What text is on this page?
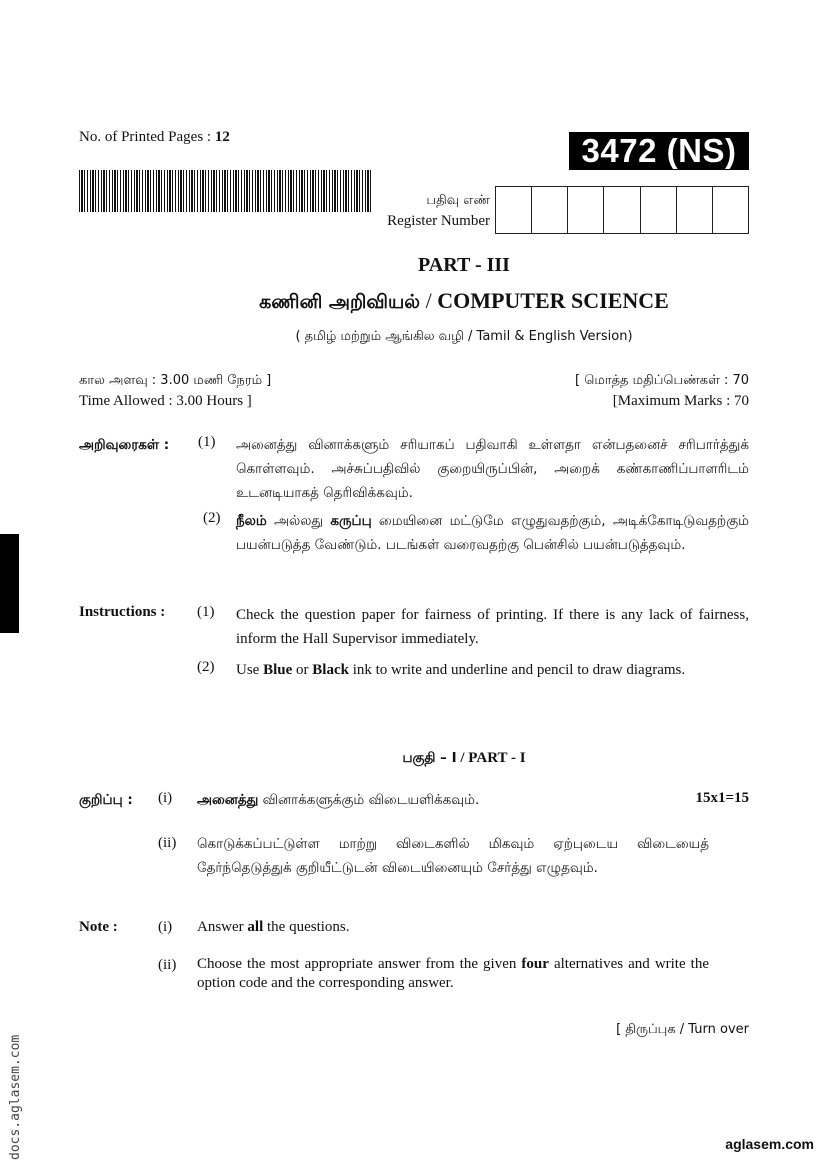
docs.aglasem.com
No. of Printed Pages : 12	3472 (NS)
பதிவு எண்
Register Number
PART - III
கணினி அறிவியல் / COMPUTER SCIENCE
( தமிழ் மற்றும் ஆங்கில வழி / Tamil & English Version)
கால அளவு : 3.00 மணி நேரம் ]	[ மொத்த மதிப்பெண்கள் : 70
Time Allowed : 3.00 Hours ]	[Maximum Marks : 70
அறிவுரைகள் : (1) அனைத்து வினாக்களும் சரியாகப் பதிவாகி உள்ளதா என்பதனைச் சரிபார்த்துக் கொள்ளவும். அச்சுப்பதிவில் குறையிருப்பின், அறைக் கண்காணிப்பாளரிடம் உடனடியாகத் தெரிவிக்கவும்.
(2) நீலம் அல்லது கருப்பு மையினை மட்டுமே எழுதுவதற்கும், அடிக்கோடிடுவதற்கும் பயன்படுத்த வேண்டும். படங்கள் வரைவதற்கு பென்சில் பயன்படுத்தவும்.
Instructions : (1) Check the question paper for fairness of printing. If there is any lack of fairness, inform the Hall Supervisor immediately.
(2) Use Blue or Black ink to write and underline and pencil to draw diagrams.
பகுதி – I / PART - I
குறிப்பு : (i) அனைத்து வினாக்களுக்கும் விடையளிக்கவும்.	15x1=15
(ii) கொடுக்கப்பட்டுள்ள மாற்று விடைகளில் மிகவும் ஏற்புடைய விடையைத் தேர்ந்தெடுத்துக் குறியீட்டுடன் விடையினையும் சேர்த்து எழுதவும்.
Note :	(i) Answer all the questions.
(ii) Choose the most appropriate answer from the given four alternatives and write the option code and the corresponding answer.
[ திருப்புக / Turn over
aglasem.com
